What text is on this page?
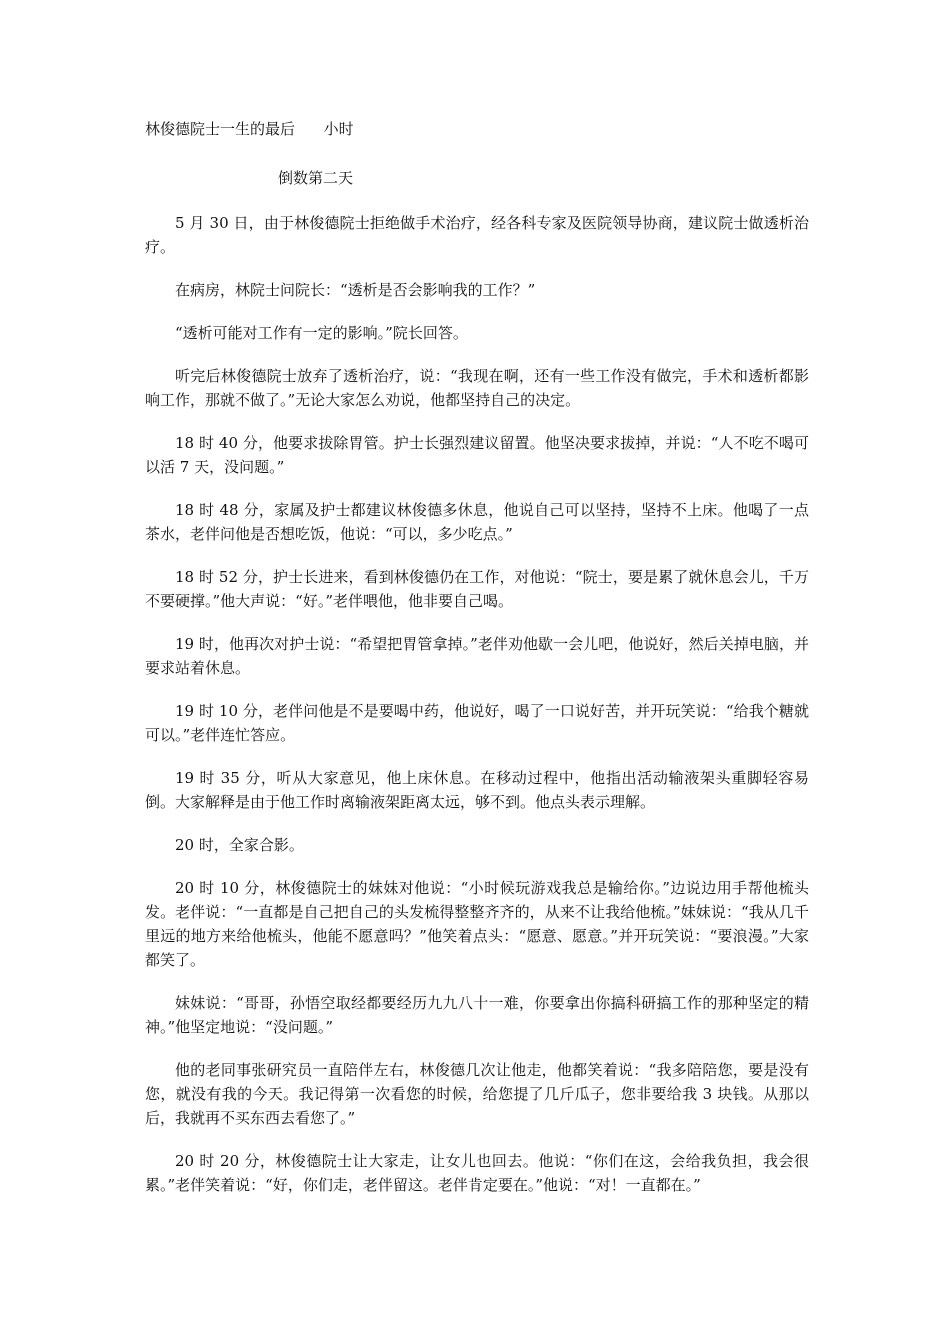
林俊德院士一生的最后      小时
倒数第二天

5 月 30 日，由于林俊德院士拒绝做手术治疗，经各科专家及医院领导协商，建议院士做透析治疗。

在病房，林院士问院长：“透析是否会影响我的工作？”

“透析可能对工作有一定的影响。”院长回答。

听完后林俊德院士放弃了透析治疗，说：“我现在啊，还有一些工作没有做完，手术和透析都影响工作，那就不做了。”无论大家怎么劝说，他都坚持自己的决定。

18 时 40 分，他要求拔除胃管。护士长强烈建议留置。他坚决要求拔掉，并说：“人不吃不喝可以活 7 天，没问题。”

18 时 48 分，家属及护士都建议林俊德多休息，他说自己可以坚持，坚持不上床。他喝了一点茶水，老伴问他是否想吃饭，他说：“可以，多少吃点。”

18 时 52 分，护士长进来，看到林俊德仍在工作，对他说：“院士，要是累了就休息会儿，千万不要硬撑。”他大声说：“好。”老伴喂他，他非要自己喝。

19 时，他再次对护士说：“希望把胃管拿掉。”老伴劝他歇一会儿吧，他说好，然后关掉电脑，并要求站着休息。

19 时 10 分，老伴问他是不是要喝中药，他说好，喝了一口说好苦，并开玩笑说：“给我个糖就可以。”老伴连忙答应。

19 时 35 分，听从大家意见，他上床休息。在移动过程中，他指出活动输液架头重脚轻容易倒。大家解释是由于他工作时离输液架距离太远，够不到。他点头表示理解。

20 时，全家合影。

20 时 10 分，林俊德院士的妹妹对他说：“小时候玩游戏我总是输给你。”边说边用手帮他梳头发。老伴说：“一直都是自己把自己的头发梳得整整齐齐的，从来不让我给他梳。”妹妹说：“我从几千里远的地方来给他梳头，他能不愿意吗？”他笑着点头：“愿意、愿意。”并开玩笑说：“要浪漫。”大家都笑了。

妹妹说：“哥哥，孙悟空取经都要经历九九八十一难，你要拿出你搞科研搞工作的那种坚定的精神。”他坚定地说：“没问题。”

他的老同事张研究员一直陪伴左右，林俊德几次让他走，他都笑着说：“我多陪陪您，要是没有您，就没有我的今天。我记得第一次看您的时候，给您提了几斤瓜子，您非要给我 3 块钱。从那以后，我就再不买东西去看您了。”

20 时 20 分，林俊德院士让大家走，让女儿也回去。他说：“你们在这，会给我负担，我会很累。”老伴笑着说：“好，你们走，老伴留这。老伴肯定要在。”他说：“对！一直都在。”
